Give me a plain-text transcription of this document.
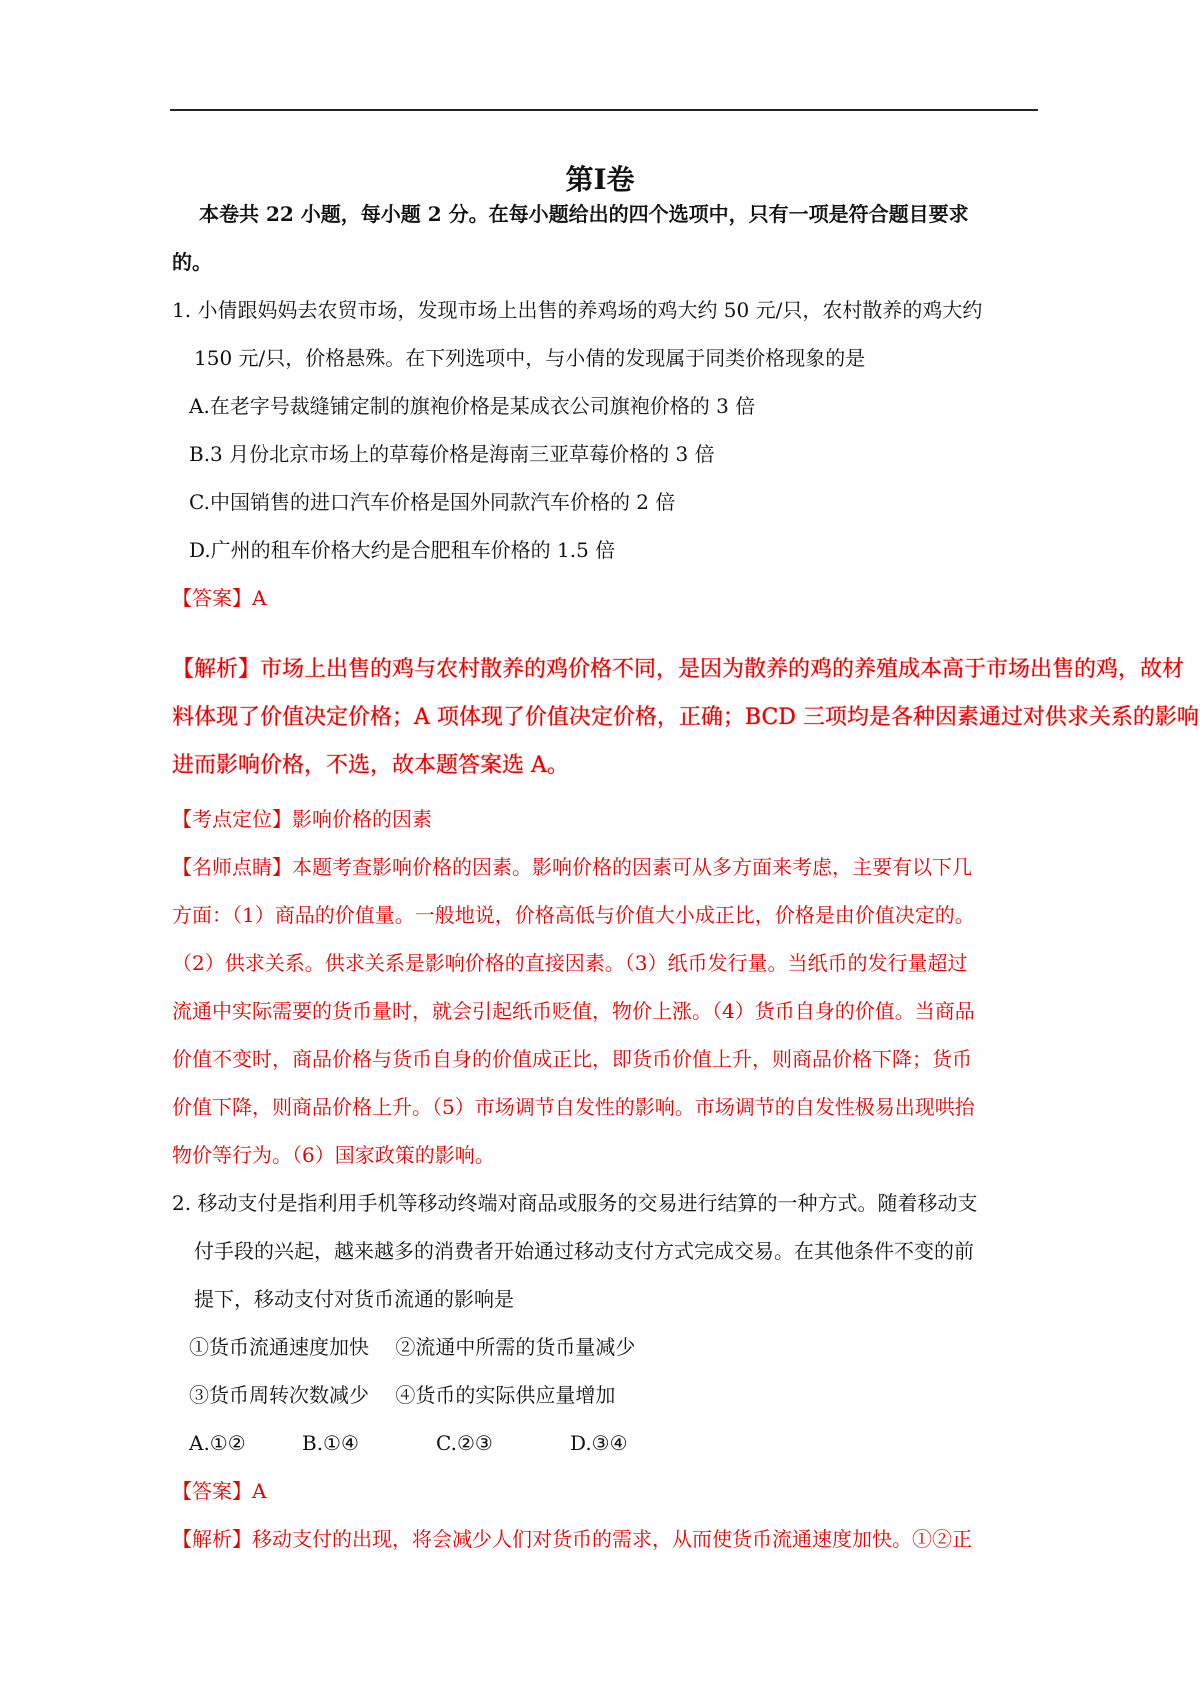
第Ⅰ卷
本卷共 22 小题，每小题 2 分。在每小题给出的四个选项中，只有一项是符合题目要求
的。
1. 小倩跟妈妈去农贸市场，发现市场上出售的养鸡场的鸡大约 50 元/只，农村散养的鸡大约
150 元/只，价格悬殊。在下列选项中，与小倩的发现属于同类价格现象的是
A.在老字号裁缝铺定制的旗袍价格是某成衣公司旗袍价格的 3 倍
B.3 月份北京市场上的草莓价格是海南三亚草莓价格的 3 倍
C.中国销售的进口汽车价格是国外同款汽车价格的 2 倍
D.广州的租车价格大约是合肥租车价格的 1.5 倍
【答案】A
【解析】市场上出售的鸡与农村散养的鸡价格不同，是因为散养的鸡的养殖成本高于市场出售的鸡，故材
料体现了价值决定价格；A 项体现了价值决定价格，正确；BCD 三项均是各种因素通过对供求关系的影响
进而影响价格，不选，故本题答案选 A。
【考点定位】影响价格的因素
【名师点睛】本题考查影响价格的因素。影响价格的因素可从多方面来考虑，主要有以下几
方面：（1）商品的价值量。一般地说，价格高低与价值大小成正比，价格是由价值决定的。
（2）供求关系。供求关系是影响价格的直接因素。（3）纸币发行量。当纸币的发行量超过
流通中实际需要的货币量时，就会引起纸币贬值，物价上涨。（4）货币自身的价值。当商品
价值不变时，商品价格与货币自身的价值成正比，即货币价值上升，则商品价格下降；货币
价值下降，则商品价格上升。（5）市场调节自发性的影响。市场调节的自发性极易出现哄抬
物价等行为。（6）国家政策的影响。
2. 移动支付是指利用手机等移动终端对商品或服务的交易进行结算的一种方式。随着移动支
付手段的兴起，越来越多的消费者开始通过移动支付方式完成交易。在其他条件不变的前
提下，移动支付对货币流通的影响是
①货币流通速度加快　 ②流通中所需的货币量减少
③货币周转次数减少　 ④货币的实际供应量增加
A.①②	B.①④	C.②③	D.③④
【答案】A
【解析】移动支付的出现，将会减少人们对货币的需求，从而使货币流通速度加快。①②正
